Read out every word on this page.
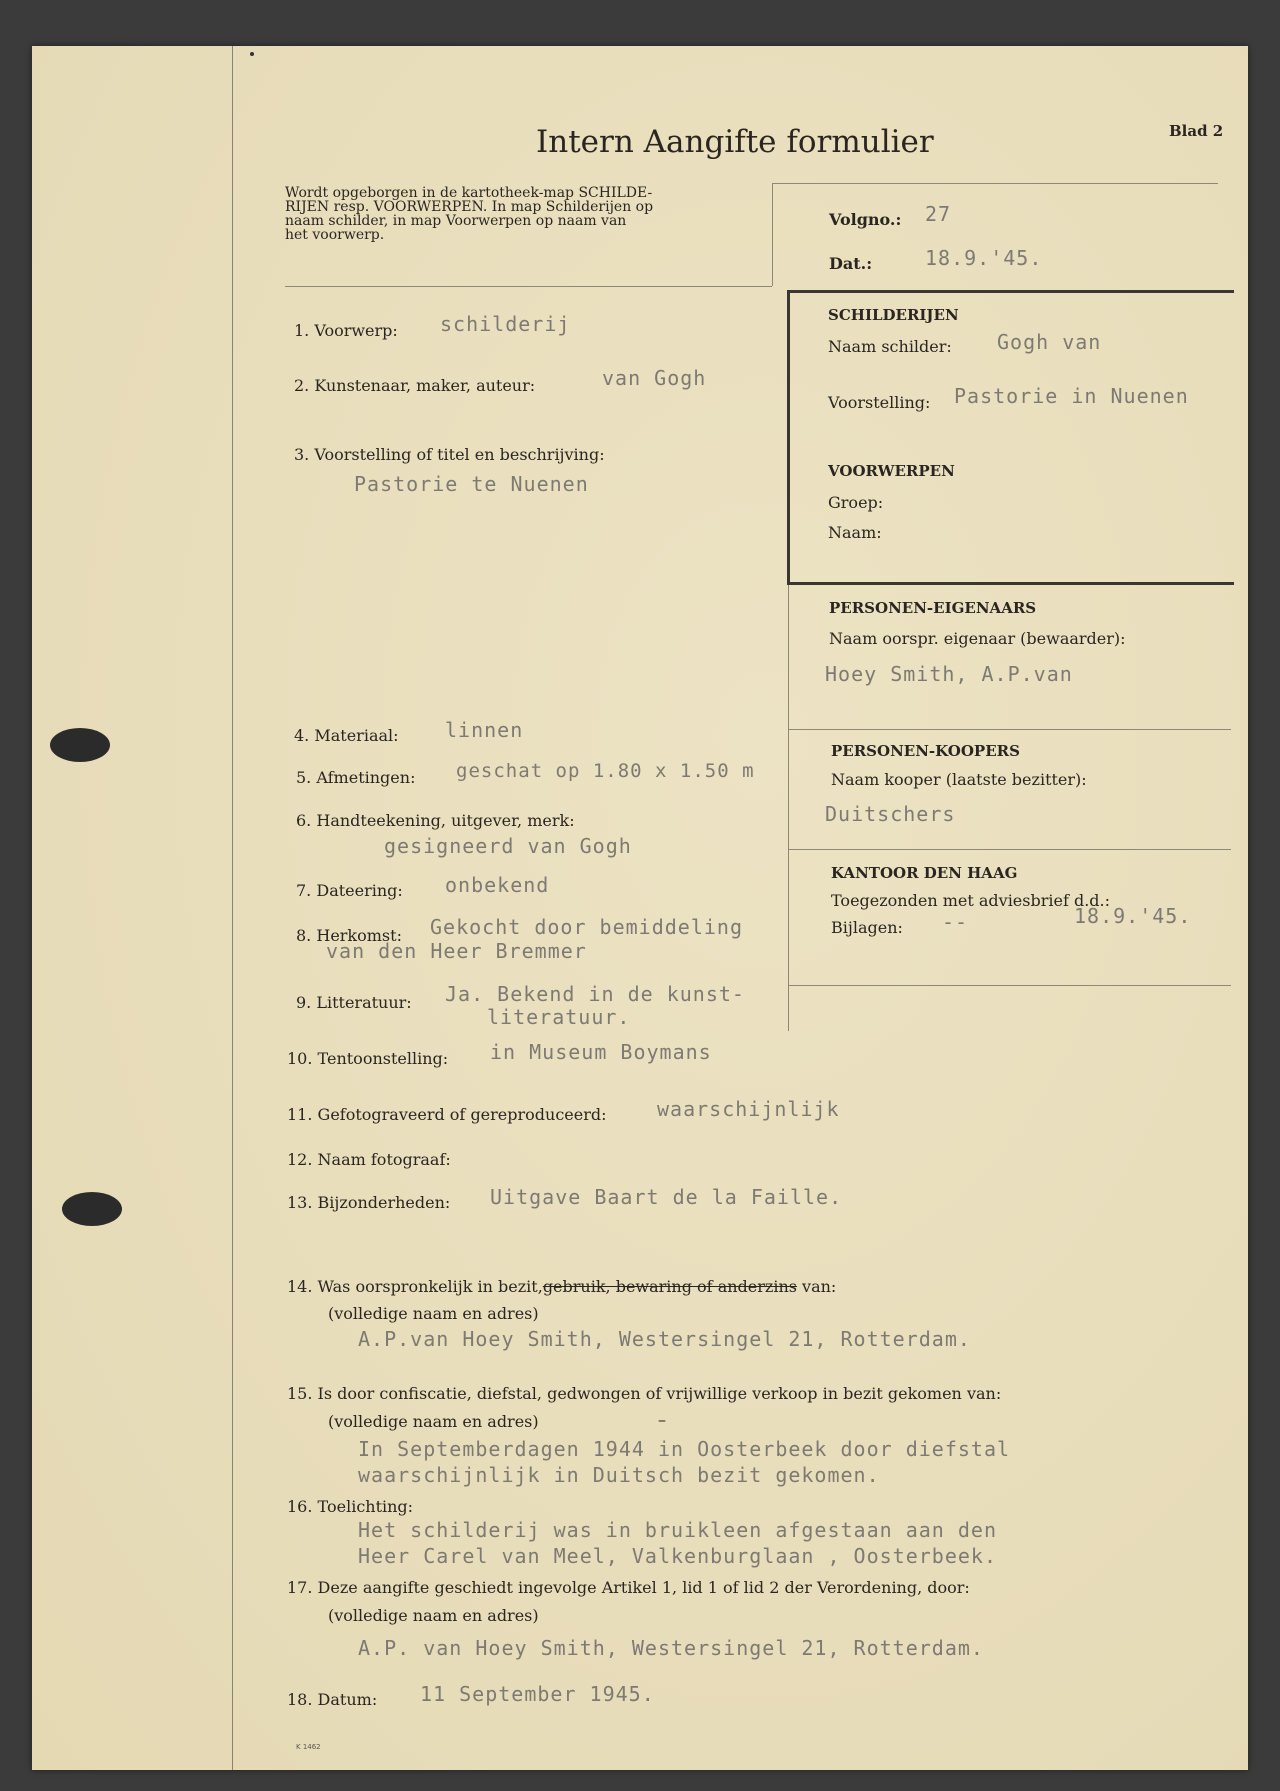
Intern Aangifte formulier	Blad 2
Wordt opgeborgen in de kartotheek-map SCHILDE-
RIJEN resp. VOORWERPEN. In map Schilderijen op
naam schilder, in map Voorwerpen op naam van
het voorwerp.
Volgno.: 27
Dat.:	18.9.'45.
SCHILDERIJEN
Naam schilder: Gogh van
Voorstelling: Pastorie in Nuenen
VOORWERPEN
Groep:
Naam:
PERSONEN-EIGENAARS
Naam oorspr. eigenaar (bewaarder):
Hoey Smith, A.P.van
PERSONEN-KOOPERS
Naam kooper (laatste bezitter):
Duitschers
KANTOOR DEN HAAG
Toegezonden met adviesbrief d.d.:
Bijlagen: --	18.9.'45.
1. Voorwerp: schilderij
2. Kunstenaar, maker, auteur:	van Gogh
3. Voorstelling of titel en beschrijving:
Pastorie te Nuenen
4. Materiaal: linnen
5. Afmetingen: geschat op 1.80 x 1.50 m
6. Handteekening, uitgever, merk:
gesigneerd van Gogh
7. Dateering: onbekend
8. Herkomst: Gekocht door bemiddeling
van den Heer Bremmer
9. Litteratuur: Ja. Bekend in de kunst-
literatuur.
10. Tentoonstelling: in Museum Boymans
11. Gefotograveerd of gereproduceerd:	waarschijnlijk
12. Naam fotograaf:
13. Bijzonderheden: Uitgave Baart de la Faille.
14. Was oorspronkelijk in bezit,gebruik, bewaring of anderzins van:
(volledige naam en adres)
A.P.van Hoey Smith, Westersingel 21, Rotterdam.
15. Is door confiscatie, diefstal, gedwongen of vrijwillige verkoop in bezit gekomen van:
(volledige naam en adres)	–
In Septemberdagen 1944 in Oosterbeek door diefstal
waarschijnlijk in Duitsch bezit gekomen.
16. Toelichting:
Het schilderij was in bruikleen afgestaan aan den
Heer Carel van Meel, Valkenburglaan , Oosterbeek.
17. Deze aangifte geschiedt ingevolge Artikel 1, lid 1 of lid 2 der Verordening, door:
(volledige naam en adres)
A.P. van Hoey Smith, Westersingel 21, Rotterdam.
18. Datum: 11 September 1945.
K 1462
